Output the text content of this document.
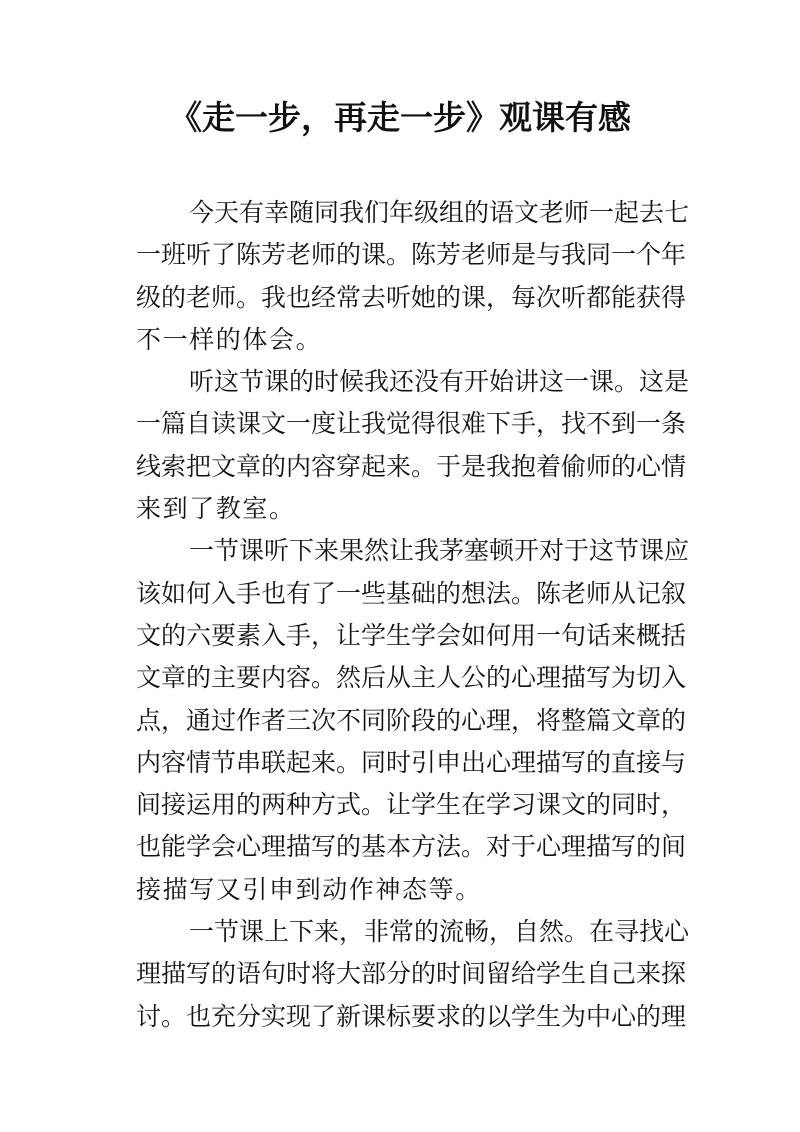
《走一步，再走一步》观课有感
今天有幸随同我们年级组的语文老师一起去七
一班听了陈芳老师的课。陈芳老师是与我同一个年
级的老师。我也经常去听她的课，每次听都能获得
不一样的体会。
听这节课的时候我还没有开始讲这一课。这是
一篇自读课文一度让我觉得很难下手，找不到一条
线索把文章的内容穿起来。于是我抱着偷师的心情
来到了教室。
一节课听下来果然让我茅塞顿开对于这节课应
该如何入手也有了一些基础的想法。陈老师从记叙
文的六要素入手，让学生学会如何用一句话来概括
文章的主要内容。然后从主人公的心理描写为切入
点，通过作者三次不同阶段的心理，将整篇文章的
内容情节串联起来。同时引申出心理描写的直接与
间接运用的两种方式。让学生在学习课文的同时，
也能学会心理描写的基本方法。对于心理描写的间
接描写又引申到动作神态等。
一节课上下来，非常的流畅，自然。在寻找心
理描写的语句时将大部分的时间留给学生自己来探
讨。也充分实现了新课标要求的以学生为中心的理
